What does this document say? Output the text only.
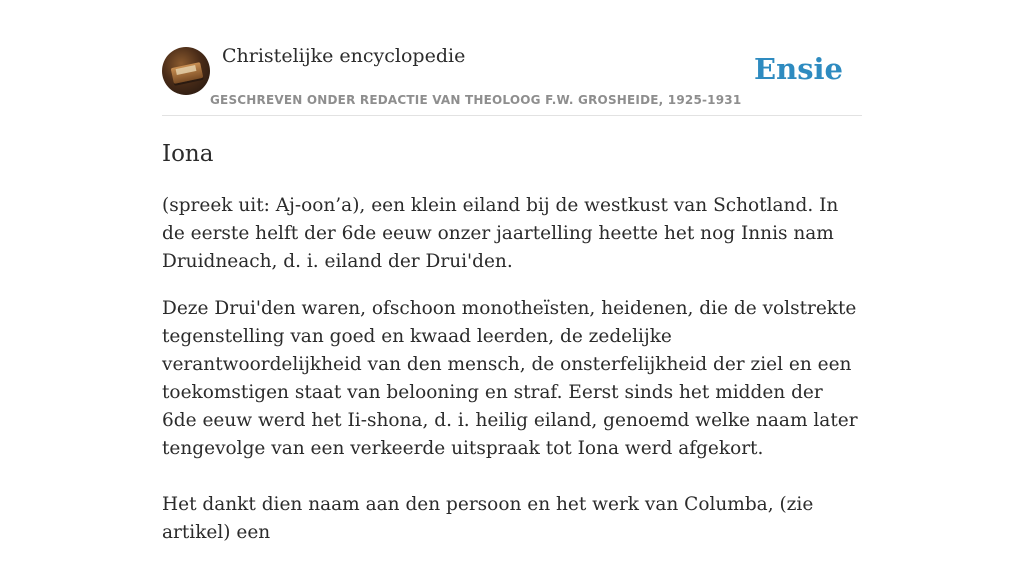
Christelijke encyclopedie
GESCHREVEN ONDER REDACTIE VAN THEOLOOG F.W. GROSHEIDE, 1925-1931
Ensie
Iona

(spreek uit: Aj-oon’a), een klein eiland bij de westkust van Schotland. In de eerste helft der 6de eeuw onzer jaartelling heette het nog Innis nam Druidneach, d. i. eiland der Drui'den.

Deze Drui'den waren, ofschoon monotheïsten, heidenen, die de volstrekte tegenstelling van goed en kwaad leerden, de zedelijke verantwoordelijkheid van den mensch, de onsterfelijkheid der ziel en een toekomstigen staat van belooning en straf. Eerst sinds het midden der 6de eeuw werd het Ii-shona, d. i. heilig eiland, genoemd welke naam later tengevolge van een verkeerde uitspraak tot Iona werd afgekort.

Het dankt dien naam aan den persoon en het werk van Columba, (zie artikel) een
